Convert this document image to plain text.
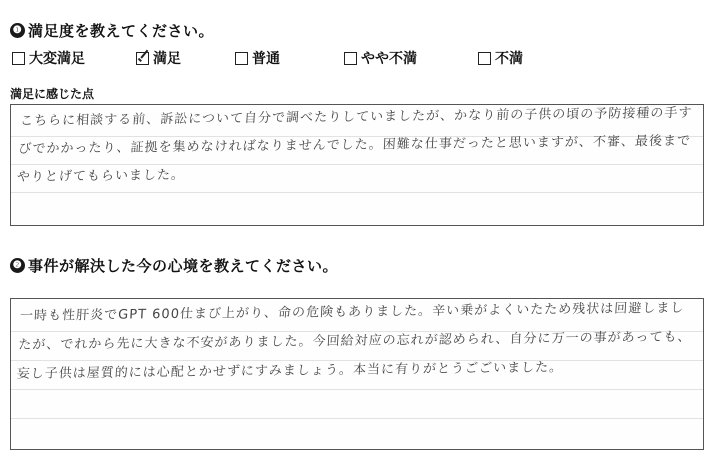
❶ 満足度を教えてください。
大変満足	満足	普通	やや不満	不満
満足に感じた点
こちらに相談する前、訴訟について自分で調べたりしていましたが、かなり前の子供の頃の予防接種の手すびでかかったり、証拠を集めなければなりませんでした。困難な仕事だったと思いますが、不審、最後までやりとげてもらいました。
❷ 事件が解決した今の心境を教えてください。
一時も性肝炎でGPT 600仕まび上がり、命の危険もありました。辛い乗がよくいたため残状は回避しましたが、でれから先に大きな不安がありました。今回給対应の忘れが認められ、自分に万一の事があっても、妄し子供は屋質的には心配とかせずにすみましょう。本当に有りがとうごごいました。
